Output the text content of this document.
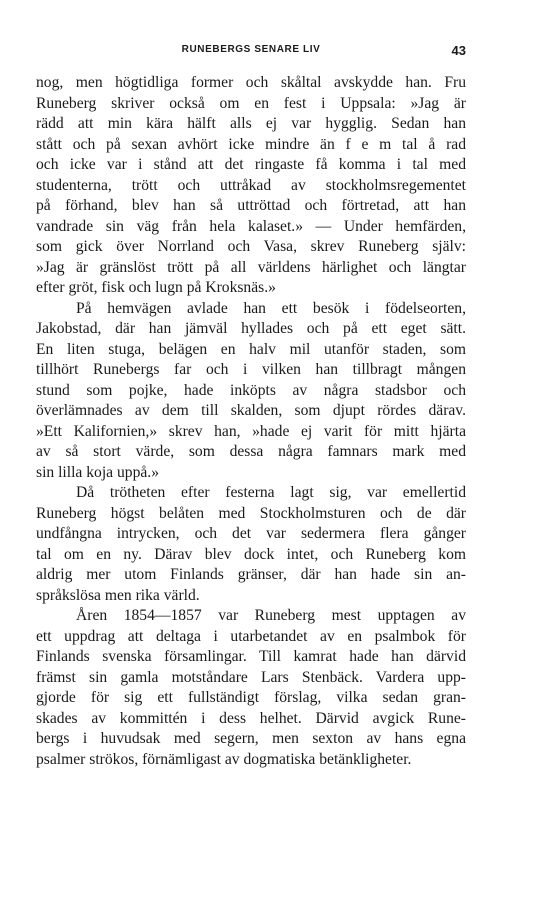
RUNEBERGS SENARE LIV	43
nog, men högtidliga former och skåltal avskydde han. Fru
Runeberg skriver också om en fest i Uppsala: »Jag är
rädd att min kära hälft alls ej var hygglig. Sedan han
stått och på sexan avhört icke mindre än f e m tal å rad
och icke var i stånd att det ringaste få komma i tal med
studenterna, trött och uttråkad av stockholmsregementet
på förhand, blev han så uttröttad och förtretad, att han
vandrade sin väg från hela kalaset.» — Under hemfärden,
som gick över Norrland och Vasa, skrev Runeberg själv:
»Jag är gränslöst trött på all världens härlighet och längtar
efter gröt, fisk och lugn på Kroksnäs.»
På hemvägen avlade han ett besök i födelseorten,
Jakobstad, där han jämväl hyllades och på ett eget sätt.
En liten stuga, belägen en halv mil utanför staden, som
tillhört Runebergs far och i vilken han tillbragt mången
stund som pojke, hade inköpts av några stadsbor och
överlämnades av dem till skalden, som djupt rördes därav.
»Ett Kalifornien,» skrev han, »hade ej varit för mitt hjärta
av så stort värde, som dessa några famnars mark med
sin lilla koja uppå.»
Då trötheten efter festerna lagt sig, var emellertid
Runeberg högst belåten med Stockholmsturen och de där
undfångna intrycken, och det var sedermera flera gånger
tal om en ny. Därav blev dock intet, och Runeberg kom
aldrig mer utom Finlands gränser, där han hade sin an-
språkslösa men rika värld.
Åren 1854—1857 var Runeberg mest upptagen av
ett uppdrag att deltaga i utarbetandet av en psalmbok för
Finlands svenska församlingar. Till kamrat hade han därvid
främst sin gamla motståndare Lars Stenbäck. Vardera upp-
gjorde för sig ett fullständigt förslag, vilka sedan gran-
skades av kommittén i dess helhet. Därvid avgick Rune-
bergs i huvudsak med segern, men sexton av hans egna
psalmer strökos, förnämligast av dogmatiska betänkligheter.
